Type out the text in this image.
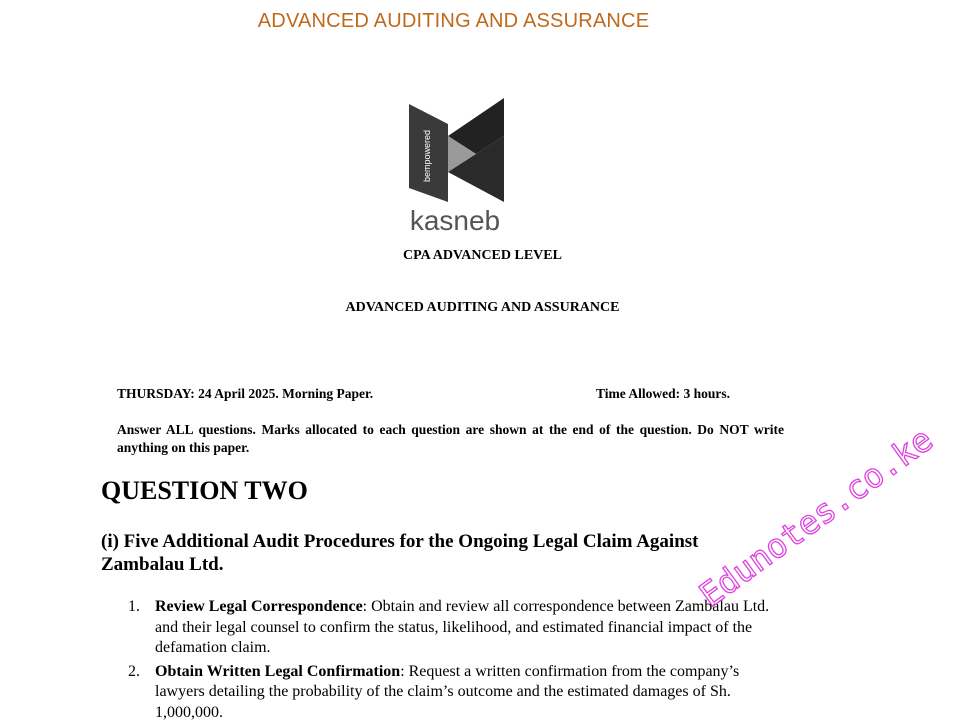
ADVANCED AUDITING AND ASSURANCE
bempowered
kasneb
CPA ADVANCED LEVEL
ADVANCED AUDITING AND ASSURANCE
THURSDAY: 24 April 2025. Morning Paper.	Time Allowed: 3 hours.
Answer ALL questions. Marks allocated to each question are shown at the end of the question. Do NOT write anything on this paper.
QUESTION TWO
(i) Five Additional Audit Procedures for the Ongoing Legal Claim Against Zambalau Ltd.
1. Review Legal Correspondence: Obtain and review all correspondence between Zambalau Ltd. and their legal counsel to confirm the status, likelihood, and estimated financial impact of the defamation claim.
2. Obtain Written Legal Confirmation: Request a written confirmation from the company’s lawyers detailing the probability of the claim’s outcome and the estimated damages of Sh. 1,000,000.
Edunotes.co.ke
